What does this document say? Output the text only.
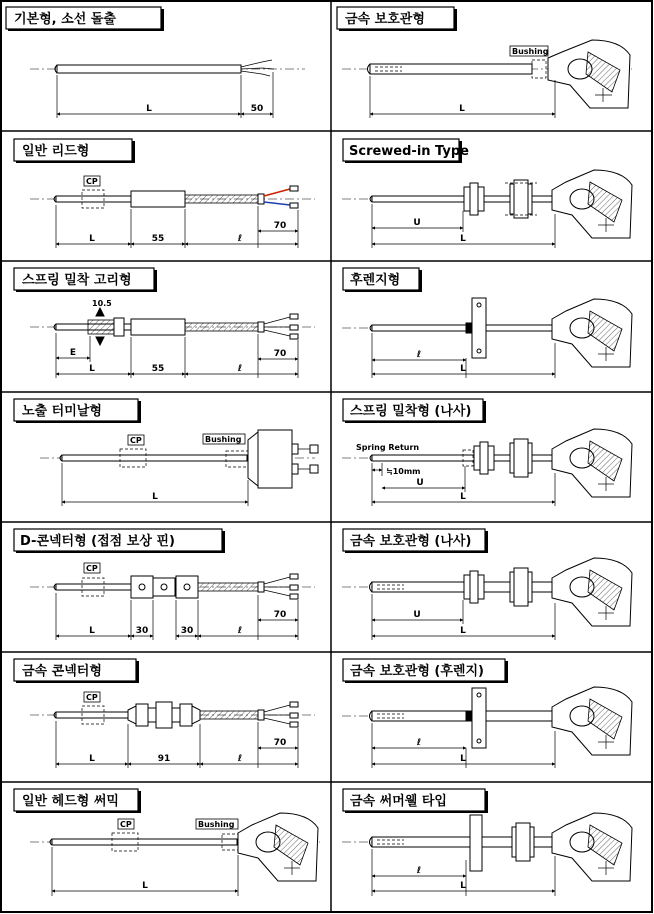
기본형, 소선 돌출
L	50
금속 보호관형
Bushing
L
일반 리드형
CP
L	55	ℓ
70
Screwed-in Type
U
L
스프링 밀착 고리형
10.5
E
L	55	ℓ
70
후렌지형
ℓ
L
노출 터미날형
CP	Bushing
L
스프링 밀착형 (나사)
Spring Return
≒10mm
U
L
D-콘넥터형 (접점 보상 핀)
CP
L	30	30	ℓ
70
금속 보호관형 (나사)
U
L
금속 콘넥터형
CP
L	91	ℓ
70
금속 보호관형 (후렌지)
ℓ
L
일반 헤드형 써믹
CP	Bushing
L
금속 써머웰 타입
ℓ
L
